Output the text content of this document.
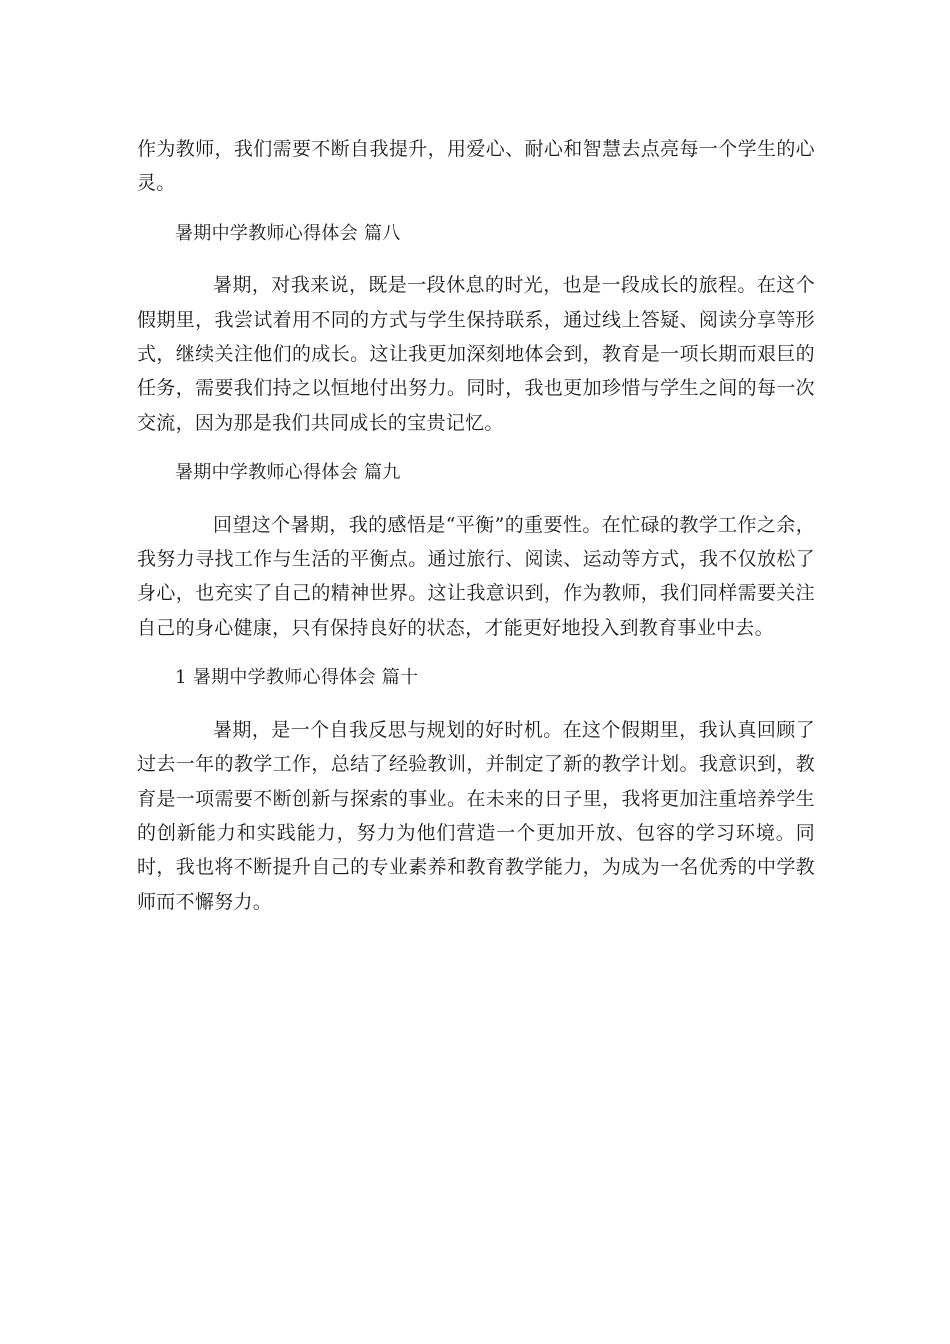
作为教师，我们需要不断自我提升，用爱心、耐心和智慧去点亮每一个学生的心灵。

暑期中学教师心得体会 篇八

暑期，对我来说，既是一段休息的时光，也是一段成长的旅程。在这个假期里，我尝试着用不同的方式与学生保持联系，通过线上答疑、阅读分享等形式，继续关注他们的成长。这让我更加深刻地体会到，教育是一项长期而艰巨的任务，需要我们持之以恒地付出努力。同时，我也更加珍惜与学生之间的每一次交流，因为那是我们共同成长的宝贵记忆。

暑期中学教师心得体会 篇九

回望这个暑期，我的感悟是“平衡”的重要性。在忙碌的教学工作之余，我努力寻找工作与生活的平衡点。通过旅行、阅读、运动等方式，我不仅放松了身心，也充实了自己的精神世界。这让我意识到，作为教师，我们同样需要关注自己的身心健康，只有保持良好的状态，才能更好地投入到教育事业中去。

1 暑期中学教师心得体会 篇十

暑期，是一个自我反思与规划的好时机。在这个假期里，我认真回顾了过去一年的教学工作，总结了经验教训，并制定了新的教学计划。我意识到，教育是一项需要不断创新与探索的事业。在未来的日子里，我将更加注重培养学生的创新能力和实践能力，努力为他们营造一个更加开放、包容的学习环境。同时，我也将不断提升自己的专业素养和教育教学能力，为成为一名优秀的中学教师而不懈努力。
